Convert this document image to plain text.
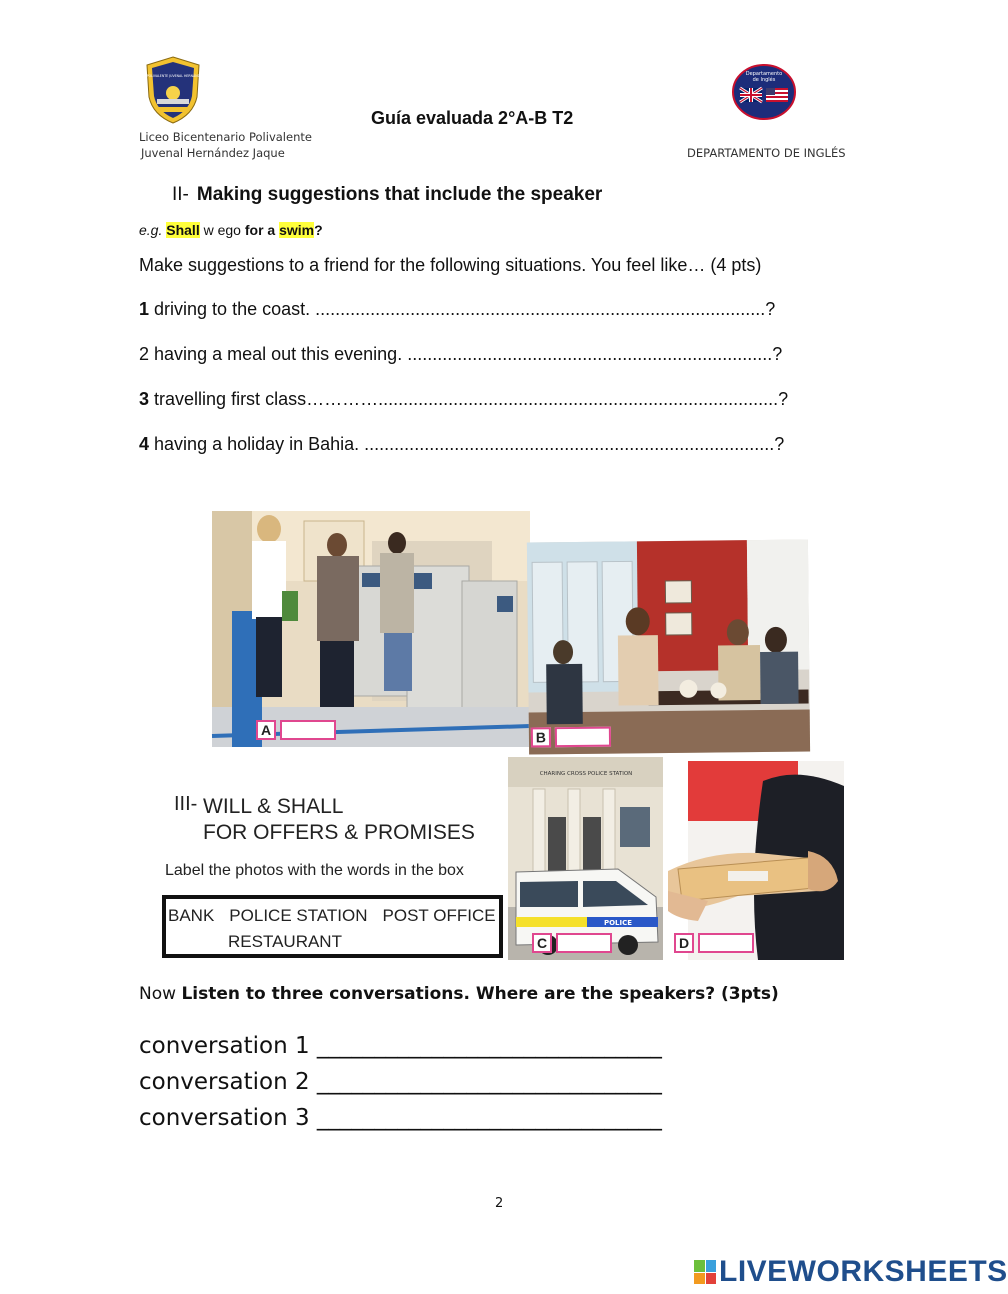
LICEO BICENTENARIO POLIVALENTE JUVENAL HERNÁNDEZ JAQUE EL CARMEN	Departamento
de Inglés
Liceo Bicentenario Polivalente
Juvenal Hernández Jaque
Guía evaluada 2°A-B T2
DEPARTAMENTO DE INGLÉS
II- Making suggestions that include the speaker
e.g. Shall w ego for a swim?
Make suggestions to a friend for the following situations. You feel like… (4 pts)
1 driving to the coast. ..........................................................................................?
2 having a meal out this evening. .........................................................................?
3 travelling first class…………................................................................................?
4 having a holiday in Bahia. ..................................................................................?
A	B
III- WILL & SHALL
FOR OFFERS & PROMISES
Label the photos with the words in the box
BANK POLICE STATION POST OFFICE
RESTAURANT
CHARING CROSS POLICE STATION
POLICE
C	D
Now Listen to three conversations. Where are the speakers? (3pts)
conversation 1 ______________________________
conversation 2 ______________________________
conversation 3 ______________________________
2
LIVEWORKSHEETS
